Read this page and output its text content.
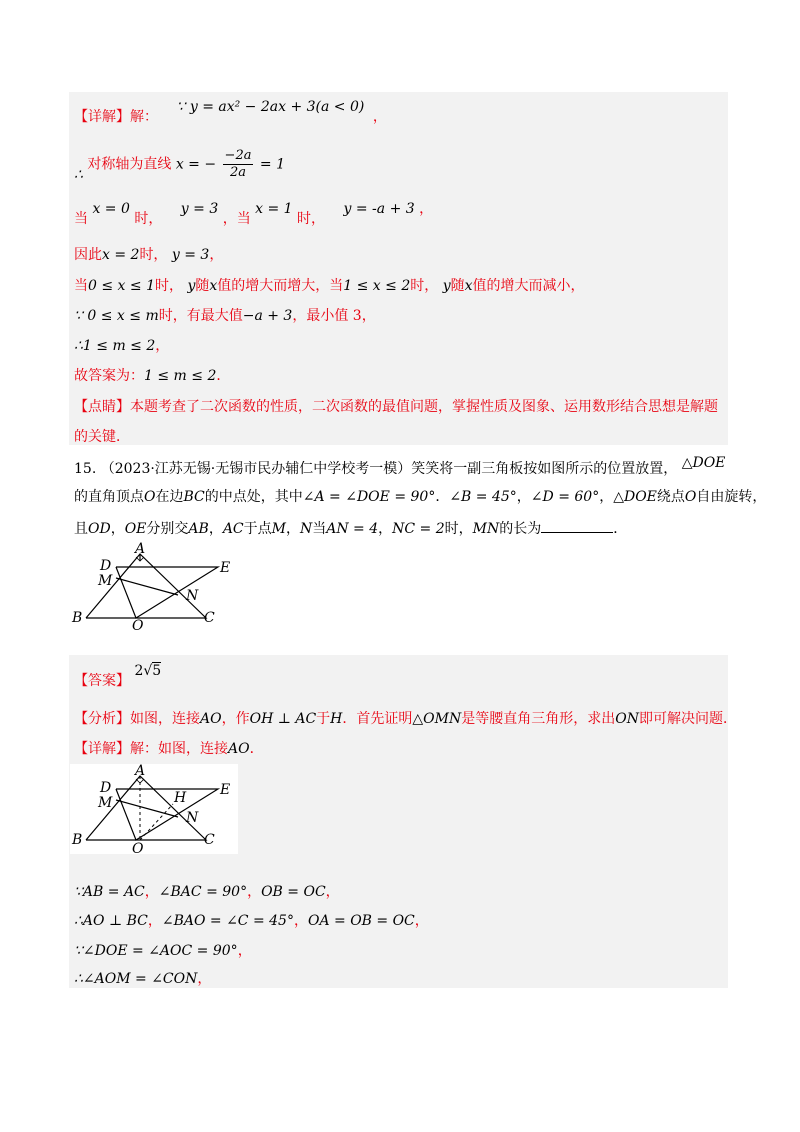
【详解】解： ∵ y = ax² − 2ax + 3(a < 0) ，
∴ 对称轴为直线 x = − $\frac{-2a}{2a} = 1$
当 x = 0 时， y = 3 ，当 x = 1 时， y = -a + 3 ，
因此x = 2时， y = 3，
当0 ≤ x ≤ 1时， y随x值的增大而增大，当1 ≤ x ≤ 2时， y随x值的增大而减小，
∵ 0 ≤ x ≤ m时，有最大值−a + 3，最小值 3，
∴1 ≤ m ≤ 2，
故答案为：1 ≤ m ≤ 2．
【点睛】本题考查了二次函数的性质，二次函数的最值问题，掌握性质及图象、运用数形结合思想是解题
的关键．
15. （2023·江苏无锡·无锡市民办辅仁中学校考一模）笑笑将一副三角板按如图所示的位置放置， △DOE
的直角顶点O在边BC的中点处，其中∠A = ∠DOE = 90°．∠B = 45°，∠D = 60°，△DOE绕点O自由旋转，
且OD，OE分别交AB，AC于点M，N当AN = 4，NC = 2时，MN的长为	．
A
D	E
M
N
B	O	C
【答案】 2√5
【分析】如图，连接AO，作OH ⊥ AC于H．首先证明△OMN是等腰直角三角形，求出ON即可解决问题．
【详解】解：如图，连接AO．
A
D	E
M	H
N
B
O
C
∵AB = AC，∠BAC = 90°，OB = OC，
∴AO ⊥ BC，∠BAO = ∠C = 45°，OA = OB = OC，
∵∠DOE = ∠AOC = 90°，
∴∠AOM = ∠CON，
